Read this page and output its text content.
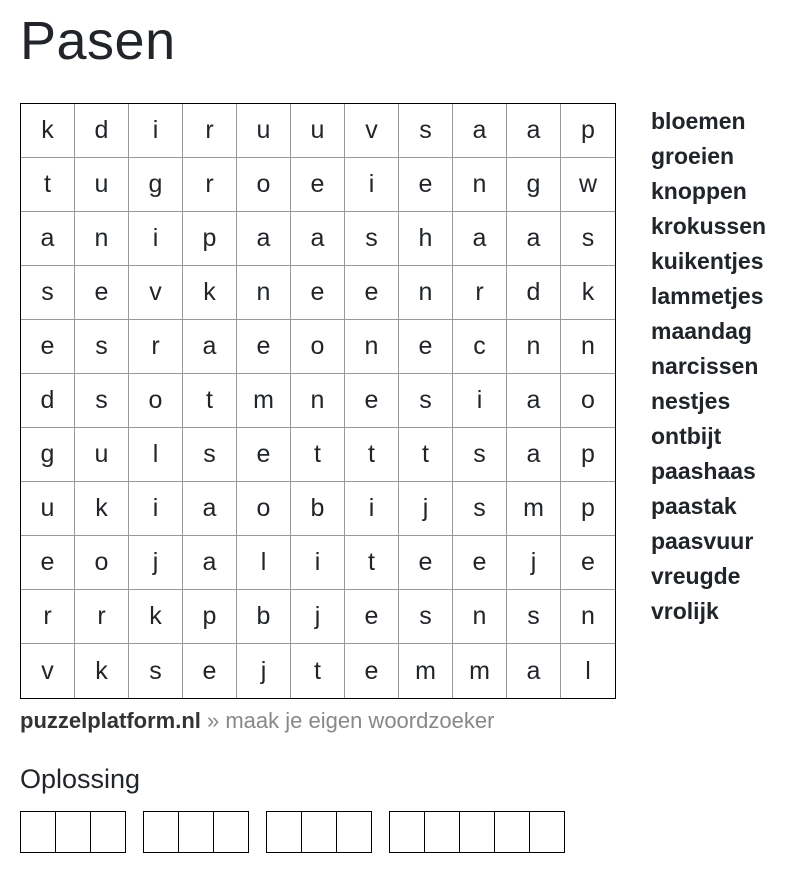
Pasen
k	d	i	r	u	u	v	s	a	a	p
t	u	g	r	o	e	i	e	n	g	w
a	n	i	p	a	a	s	h	a	a	s
s	e	v	k	n	e	e	n	r	d	k
e	s	r	a	e	o	n	e	c	n	n
d	s	o	t	m	n	e	s	i	a	o
g	u	l	s	e	t	t	t	s	a	p
u	k	i	a	o	b	i	j	s	m	p
e	o	j	a	l	i	t	e	e	j	e
r	r	k	p	b	j	e	s	n	s	n
v	k	s	e	j	t	e	m	m	a	l
bloemen
groeien
knoppen
krokussen
kuikentjes
lammetjes
maandag
narcissen
nestjes
ontbijt
paashaas
paastak
paasvuur
vreugde
vrolijk
puzzelplatform.nl » maak je eigen woordzoeker
Oplossing
